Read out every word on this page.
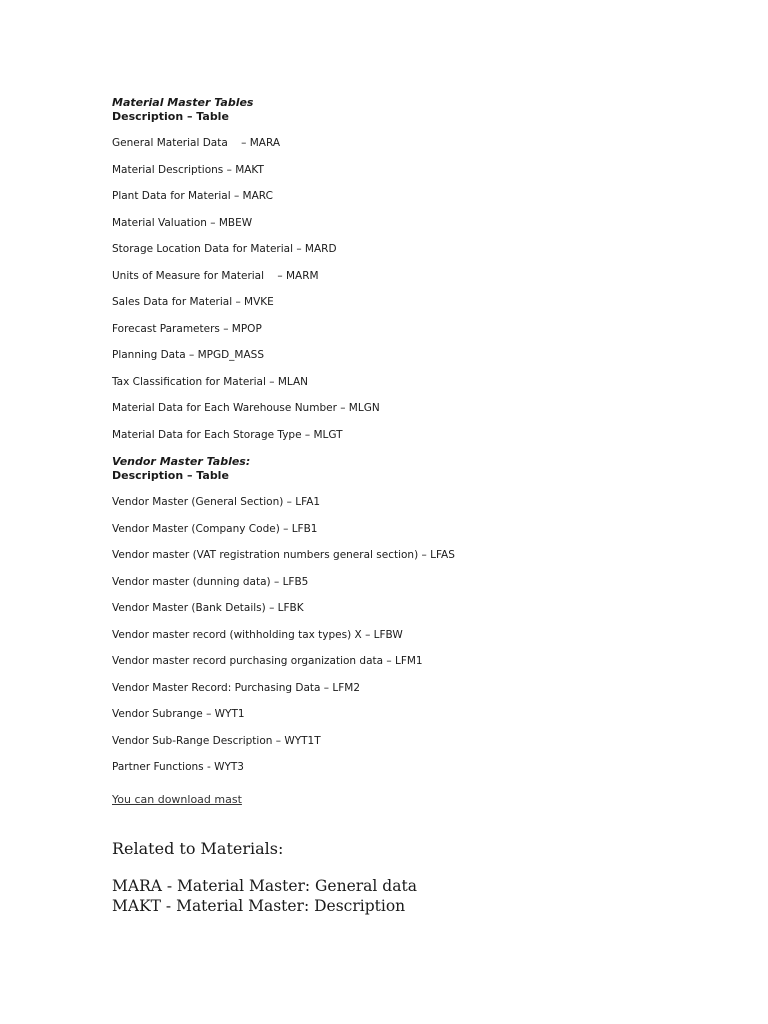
Material Master Tables

Description – Table

General Material Data    – MARA

Material Descriptions – MAKT

Plant Data for Material – MARC

Material Valuation – MBEW

Storage Location Data for Material – MARD

Units of Measure for Material    – MARM

Sales Data for Material – MVKE

Forecast Parameters – MPOP

Planning Data – MPGD_MASS

Tax Classification for Material – MLAN

Material Data for Each Warehouse Number – MLGN

Material Data for Each Storage Type – MLGT

Vendor Master Tables:

Description – Table

Vendor Master (General Section) – LFA1

Vendor Master (Company Code) – LFB1

Vendor master (VAT registration numbers general section) – LFAS

Vendor master (dunning data) – LFB5

Vendor Master (Bank Details) – LFBK

Vendor master record (withholding tax types) X – LFBW

Vendor master record purchasing organization data – LFM1

Vendor Master Record: Purchasing Data – LFM2

Vendor Subrange – WYT1

Vendor Sub-Range Description – WYT1T

Partner Functions - WYT3

You can download mast
Related to Materials:

MARA - Material Master: General data

MAKT - Material Master: Description
